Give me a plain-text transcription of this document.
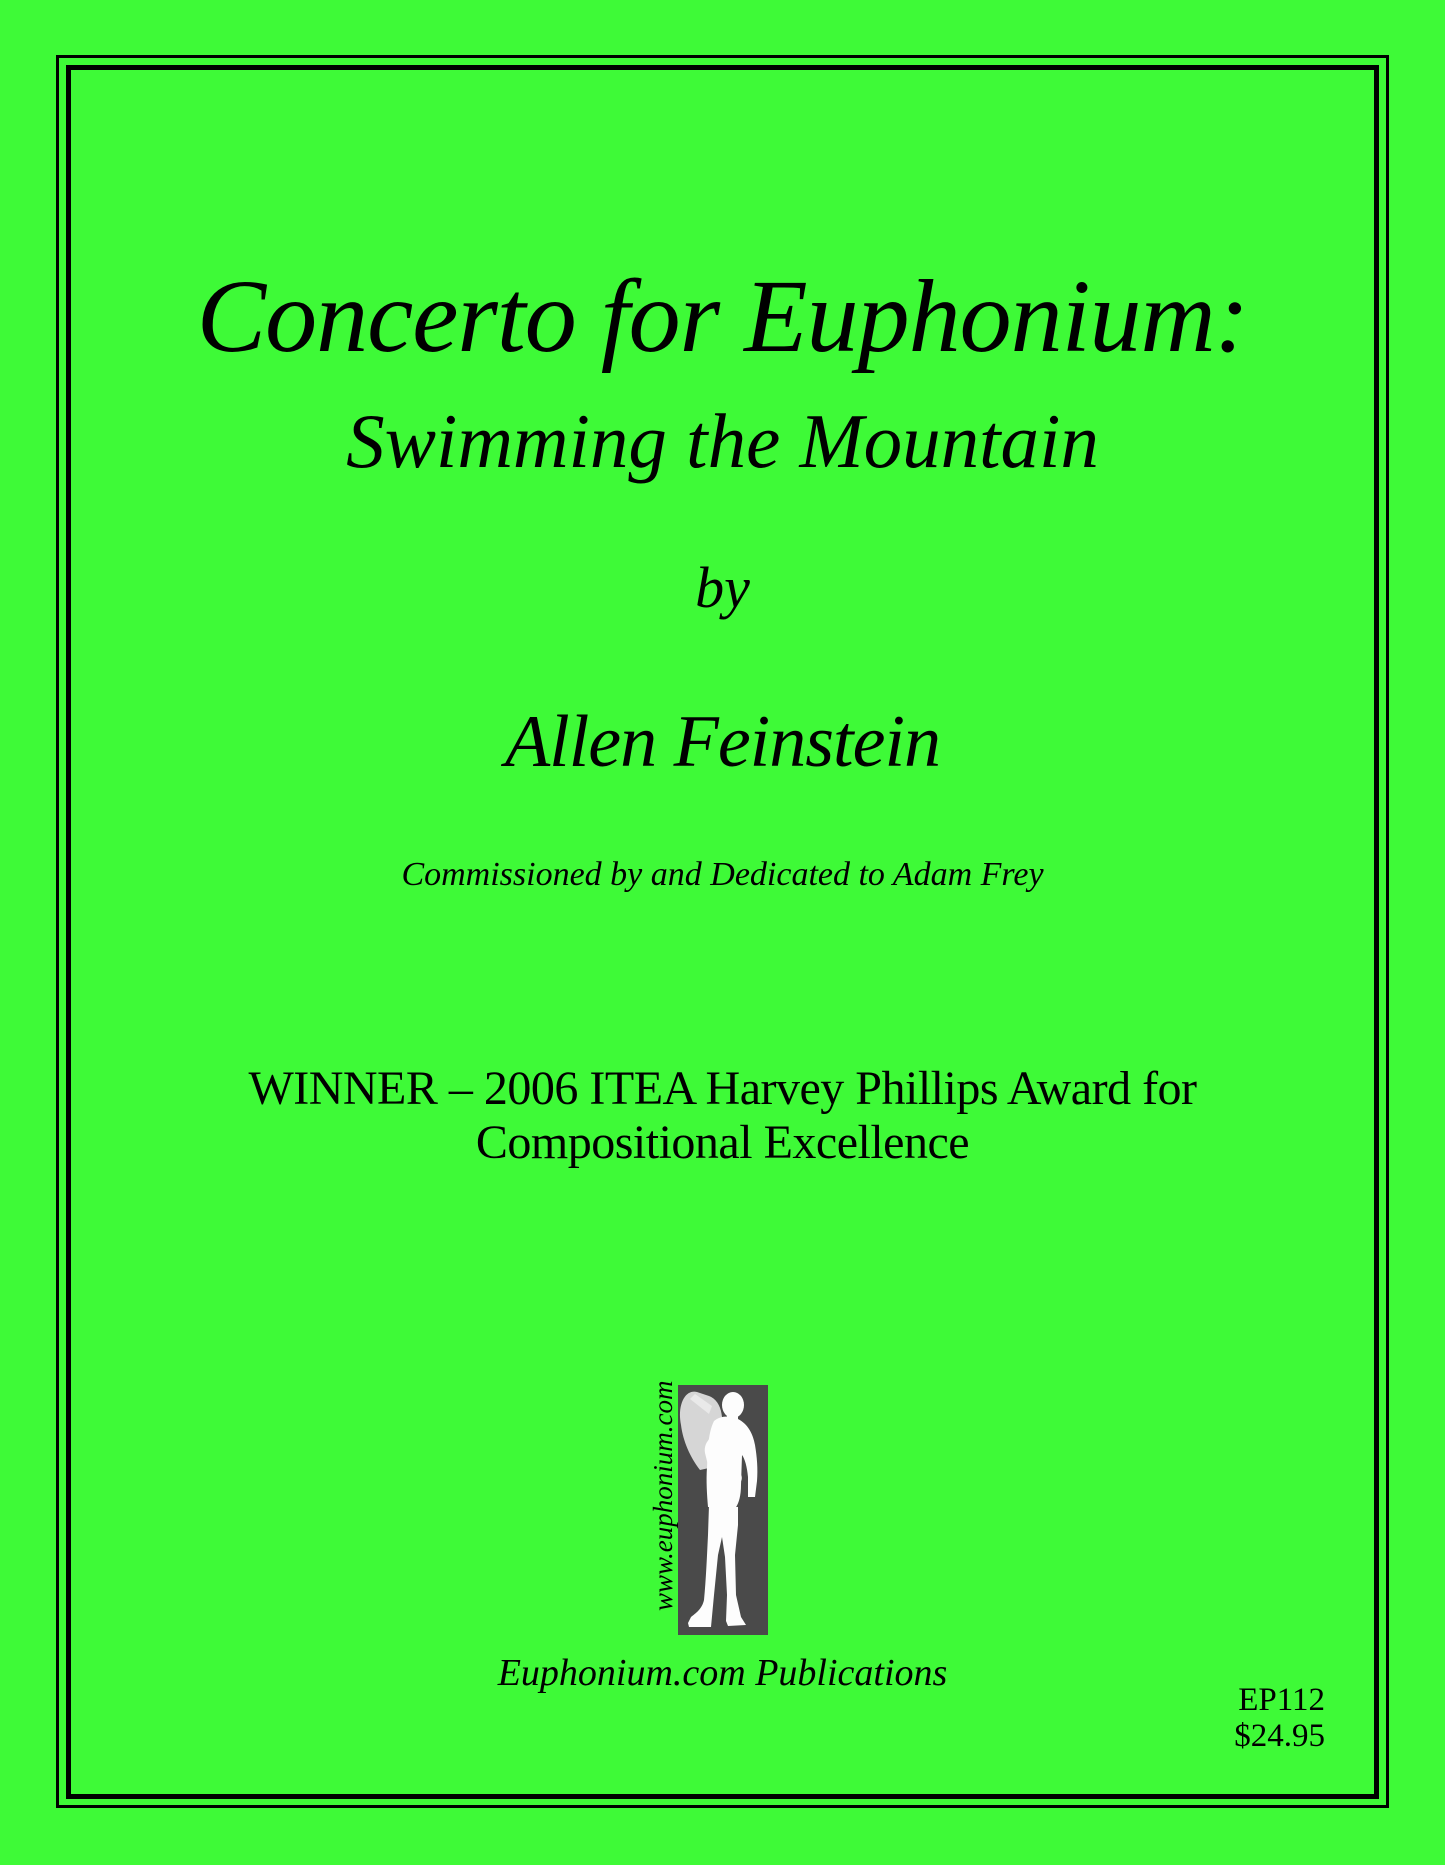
Concerto for Euphonium:
Swimming the Mountain
by
Allen Feinstein
Commissioned by and Dedicated to Adam Frey
WINNER – 2006 ITEA Harvey Phillips Award for
Compositional Excellence
www.euphonium.com
Euphonium.com Publications
EP112
$24.95
